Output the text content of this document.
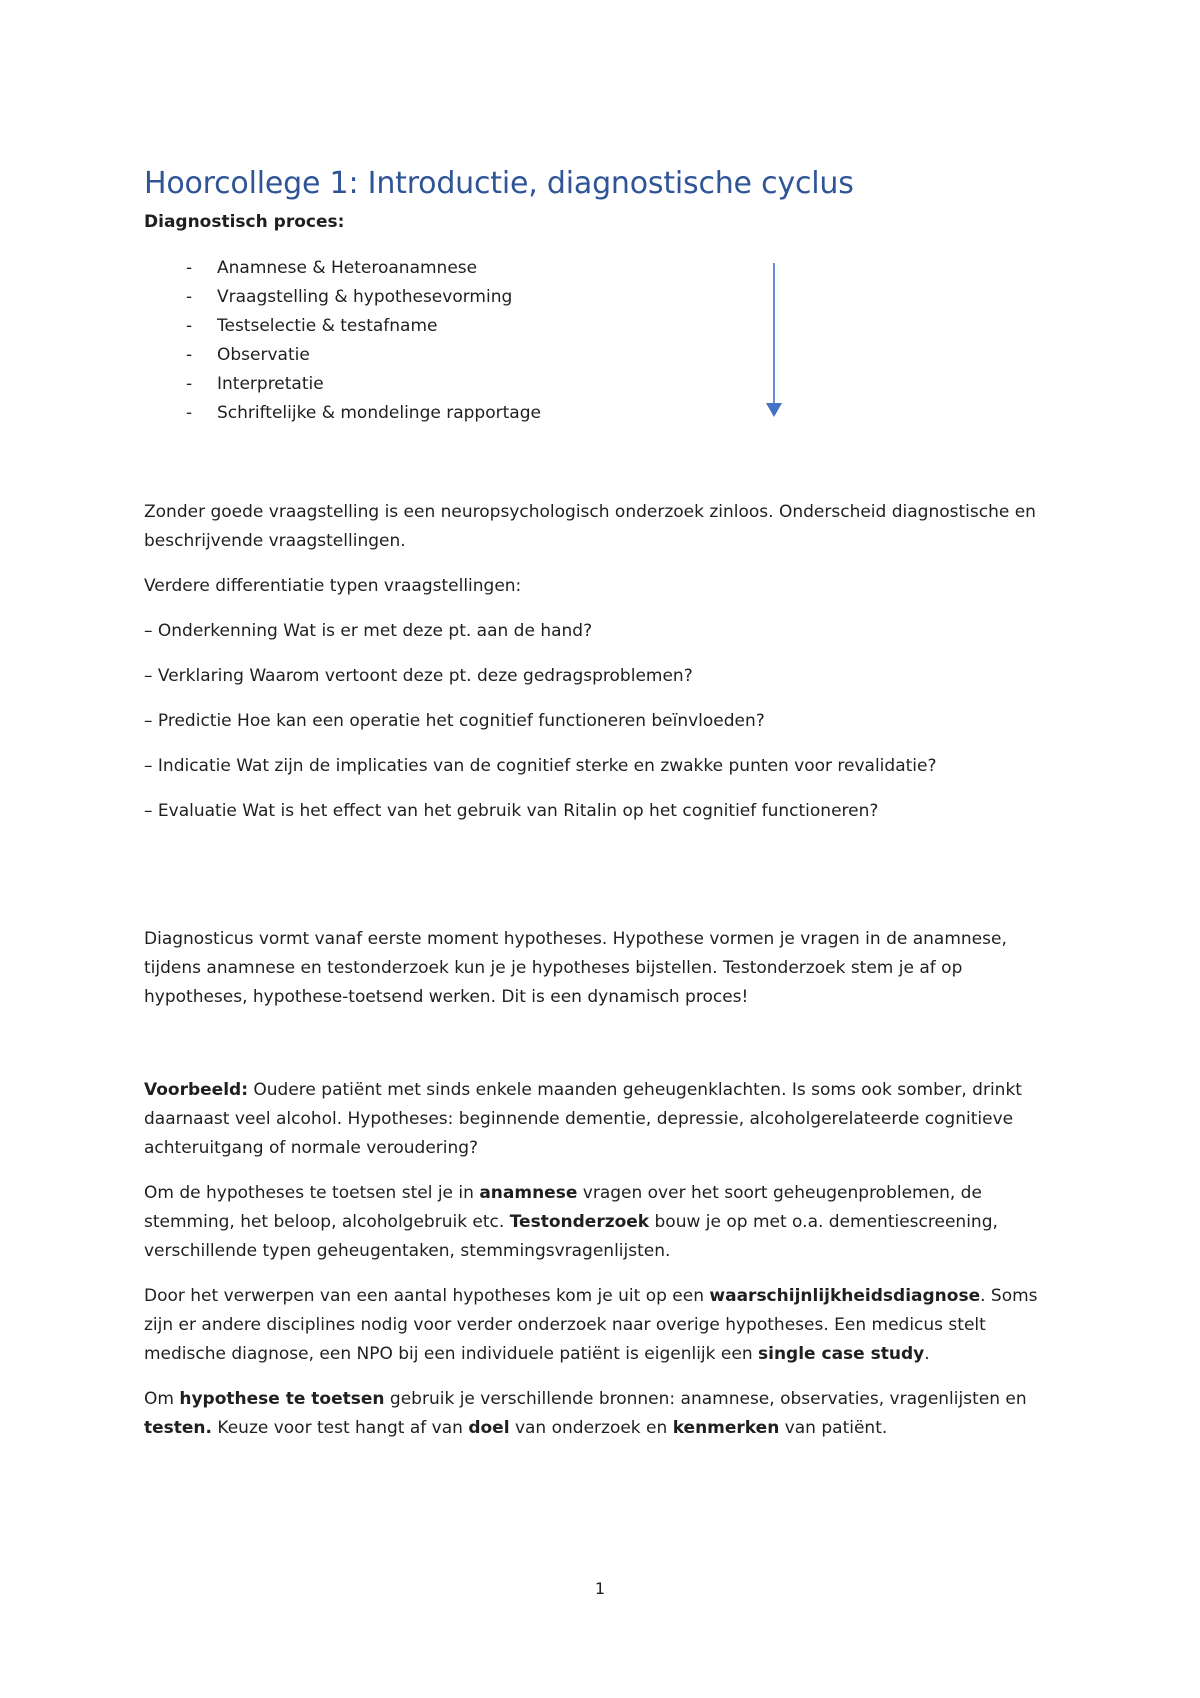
Hoorcollege 1: Introductie, diagnostische cyclus
Diagnostisch proces:
- Anamnese & Heteroanamnese
- Vraagstelling & hypothesevorming
- Testselectie & testafname
- Observatie
- Interpretatie
- Schriftelijke & mondelinge rapportage

Zonder goede vraagstelling is een neuropsychologisch onderzoek zinloos. Onderscheid diagnostische en beschrijvende vraagstellingen.

Verdere differentiatie typen vraagstellingen:

– Onderkenning Wat is er met deze pt. aan de hand?

– Verklaring Waarom vertoont deze pt. deze gedragsproblemen?

– Predictie Hoe kan een operatie het cognitief functioneren beïnvloeden?

– Indicatie Wat zijn de implicaties van de cognitief sterke en zwakke punten voor revalidatie?

– Evaluatie Wat is het effect van het gebruik van Ritalin op het cognitief functioneren?

Diagnosticus vormt vanaf eerste moment hypotheses. Hypothese vormen je vragen in de anamnese, tijdens anamnese en testonderzoek kun je je hypotheses bijstellen. Testonderzoek stem je af op hypotheses, hypothese-toetsend werken. Dit is een dynamisch proces!

Voorbeeld: Oudere patiënt met sinds enkele maanden geheugenklachten. Is soms ook somber, drinkt daarnaast veel alcohol. Hypotheses: beginnende dementie, depressie, alcoholgerelateerde cognitieve achteruitgang of normale veroudering?

Om de hypotheses te toetsen stel je in anamnese vragen over het soort geheugenproblemen, de stemming, het beloop, alcoholgebruik etc. Testonderzoek bouw je op met o.a. dementiescreening, verschillende typen geheugentaken, stemmingsvragenlijsten.

Door het verwerpen van een aantal hypotheses kom je uit op een waarschijnlijkheidsdiagnose. Soms zijn er andere disciplines nodig voor verder onderzoek naar overige hypotheses. Een medicus stelt medische diagnose, een NPO bij een individuele patiënt is eigenlijk een single case study.

Om hypothese te toetsen gebruik je verschillende bronnen: anamnese, observaties, vragenlijsten en testen. Keuze voor test hangt af van doel van onderzoek en kenmerken van patiënt.

1
